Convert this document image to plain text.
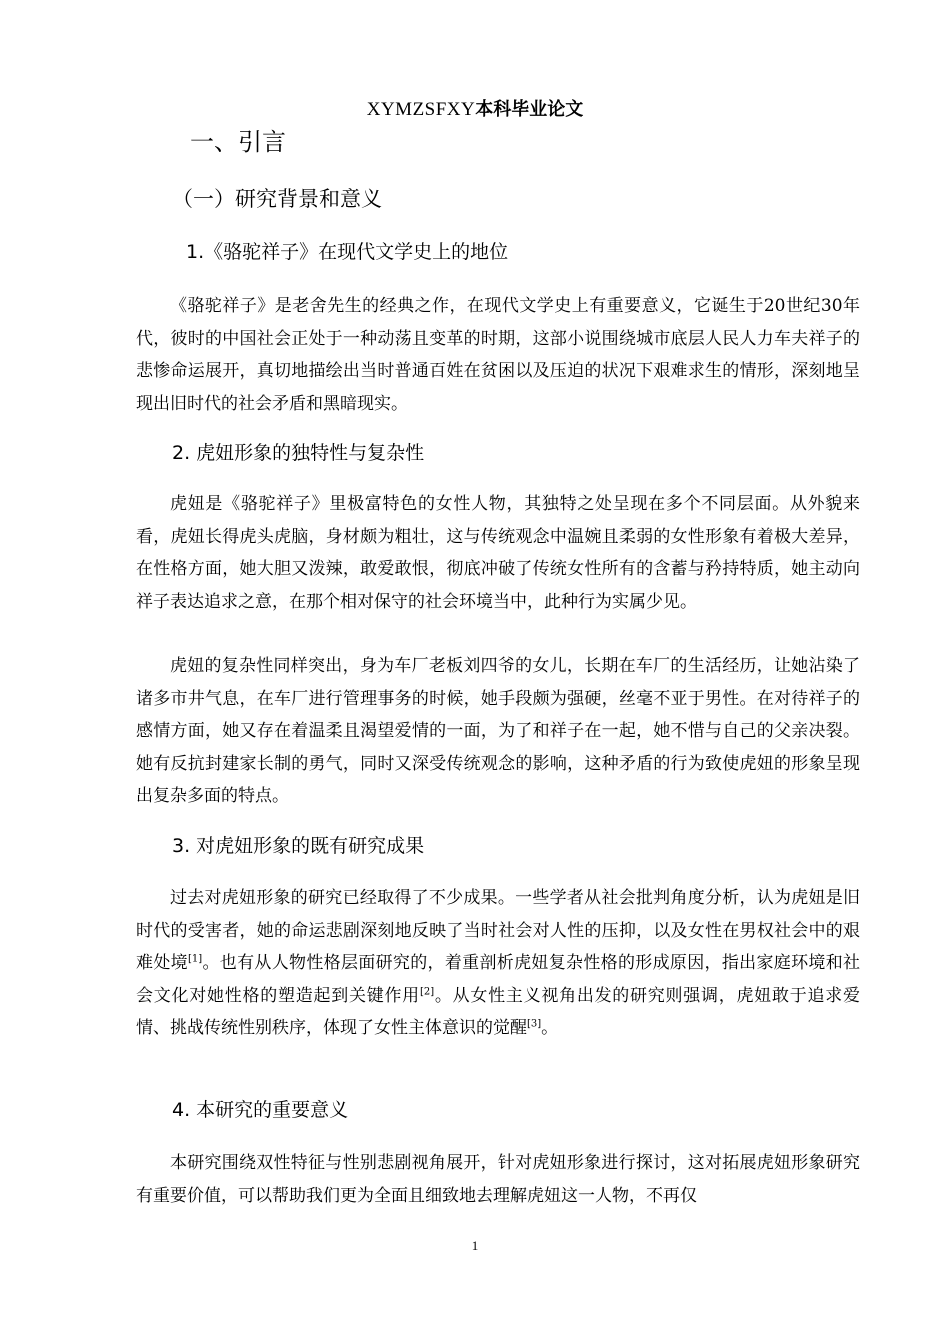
XYMZSFXY本科毕业论文
一、引言
（一）研究背景和意义
1.《骆驼祥子》在现代文学史上的地位

《骆驼祥子》是老舍先生的经典之作，在现代文学史上有重要意义，它诞生于20世纪30年代，彼时的中国社会正处于一种动荡且变革的时期，这部小说围绕城市底层人民人力车夫祥子的悲惨命运展开，真切地描绘出当时普通百姓在贫困以及压迫的状况下艰难求生的情形，深刻地呈现出旧时代的社会矛盾和黑暗现实。

2. 虎妞形象的独特性与复杂性

虎妞是《骆驼祥子》里极富特色的女性人物，其独特之处呈现在多个不同层面。从外貌来看，虎妞长得虎头虎脑，身材颇为粗壮，这与传统观念中温婉且柔弱的女性形象有着极大差异，在性格方面，她大胆又泼辣，敢爱敢恨，彻底冲破了传统女性所有的含蓄与矜持特质，她主动向祥子表达追求之意，在那个相对保守的社会环境当中，此种行为实属少见。

虎妞的复杂性同样突出，身为车厂老板刘四爷的女儿，长期在车厂的生活经历，让她沾染了诸多市井气息，在车厂进行管理事务的时候，她手段颇为强硬，丝毫不亚于男性。在对待祥子的感情方面，她又存在着温柔且渴望爱情的一面，为了和祥子在一起，她不惜与自己的父亲决裂。她有反抗封建家长制的勇气，同时又深受传统观念的影响，这种矛盾的行为致使虎妞的形象呈现出复杂多面的特点。

3. 对虎妞形象的既有研究成果

过去对虎妞形象的研究已经取得了不少成果。一些学者从社会批判角度分析，认为虎妞是旧时代的受害者，她的命运悲剧深刻地反映了当时社会对人性的压抑，以及女性在男权社会中的艰难处境[1]。也有从人物性格层面研究的，着重剖析虎妞复杂性格的形成原因，指出家庭环境和社会文化对她性格的塑造起到关键作用[2]。从女性主义视角出发的研究则强调，虎妞敢于追求爱情、挑战传统性别秩序，体现了女性主体意识的觉醒[3]。

4. 本研究的重要意义

本研究围绕双性特征与性别悲剧视角展开，针对虎妞形象进行探讨，这对拓展虎妞形象研究有重要价值，可以帮助我们更为全面且细致地去理解虎妞这一人物，不再仅

1
